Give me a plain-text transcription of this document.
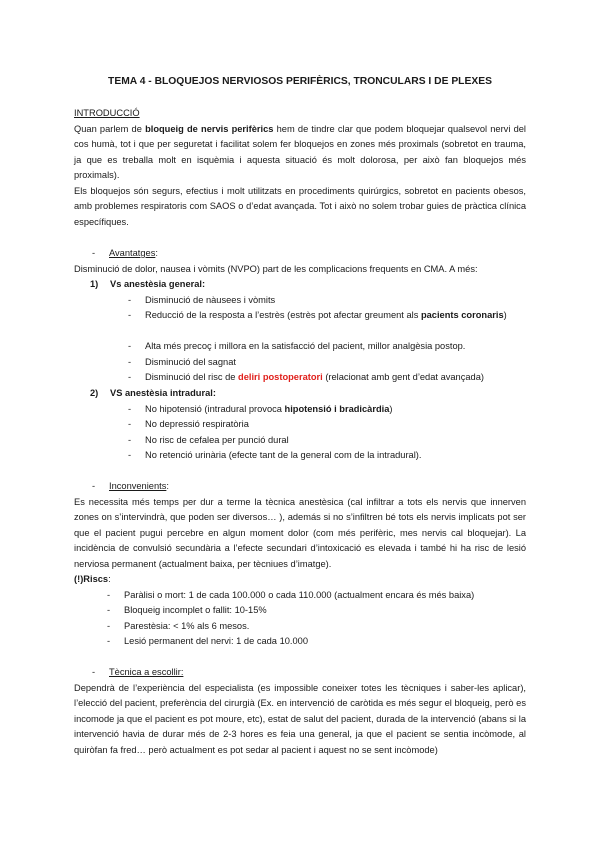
TEMA 4 - BLOQUEJOS NERVIOSOS PERIFÈRICS, TRONCULARS I DE PLEXES
INTRODUCCIÓ
Quan parlem de bloqueig de nervis perifèrics hem de tindre clar que podem bloquejar qualsevol nervi del cos humà, tot i que per seguretat i facilitat solem fer bloquejos en zones més proximals (sobretot en trauma, ja que es treballa molt en isquèmia i aquesta situació és molt dolorosa, per això fan bloquejos més proximals).
Els bloquejos són segurs, efectius i molt utilitzats en procediments quirúrgics, sobretot en pacients obesos, amb problemes respiratoris com SAOS o d’edat avançada. Tot i això no solem trobar guies de pràctica clínica específiques.
- Avantatges:
Disminució de dolor, nausea i vòmits (NVPO) part de les complicacions frequents en CMA. A més:
1) Vs anestèsia general:
- Disminució de nàusees i vòmits
- Reducció de la resposta a l’estrès (estrès pot afectar greument als pacients coronaris)
- Alta més precoç i millora en la satisfacció del pacient, millor analgèsia postop.
- Disminució del sagnat
- Disminució del risc de deliri postoperatori (relacionat amb gent d’edat avançada)
2) VS anestèsia intradural:
- No hipotensió (intradural provoca hipotensió i bradicàrdia)
- No depressió respiratòria
- No risc de cefalea per punció dural
- No retenció urinària (efecte tant de la general com de la intradural).
- Inconvenients:
Es necessita més temps per dur a terme la tècnica anestèsica (cal infiltrar a tots els nervis que innerven zones on s’intervindrà, que poden ser diversos… ), además si no s’infiltren bé tots els nervis implicats pot ser que el pacient pugui percebre en algun moment dolor (com més perifèric, mes nervis cal bloquejar). La incidència de convulsió secundària a l’efecte secundari d’intoxicació es elevada i també hi ha risc de lesió nerviosa permanent (actualment baixa, per tècniues d’imatge).
(!)Riscs:
- Paràlisi o mort: 1 de cada 100.000 o cada 110.000 (actualment encara és més baixa)
- Bloqueig incomplet o fallit: 10-15%
- Parestèsia: < 1% als 6 mesos.
- Lesió permanent del nervi: 1 de cada 10.000
- Tècnica a escollir:
Dependrà de l’experiència del especialista (es impossible coneixer totes les tècniques i saber-les aplicar), l’elecció del pacient, preferència del cirurgià (Ex. en intervenció de caròtida es més segur el bloqueig, però es incomode ja que el pacient es pot moure, etc), estat de salut del pacient, durada de la intervenció (abans si la intervenció havia de durar més de 2-3 hores es feia una general, ja que el pacient se sentia incòmode, al quiròfan fa fred… però actualment es pot sedar al pacient i aquest no se sent incòmode)
